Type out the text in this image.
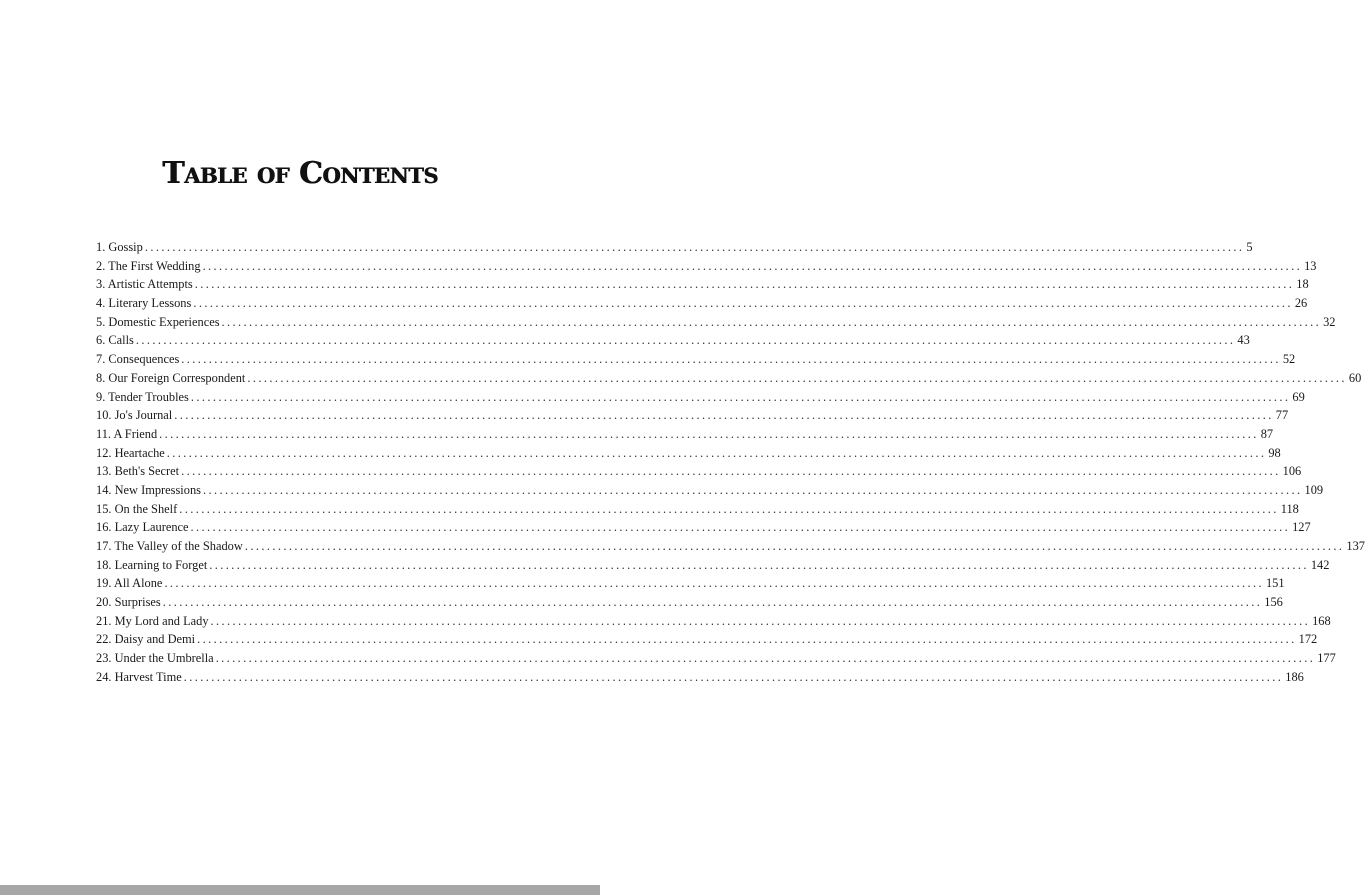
Table of Contents
1. Gossip ........................................................................................................................................................................................................ 5
2. The First Wedding ........................................................................................................................................................................................................ 13
3. Artistic Attempts ........................................................................................................................................................................................................ 18
4. Literary Lessons ........................................................................................................................................................................................................ 26
5. Domestic Experiences ........................................................................................................................................................................................................ 32
6. Calls ........................................................................................................................................................................................................ 43
7. Consequences ........................................................................................................................................................................................................ 52
8. Our Foreign Correspondent ........................................................................................................................................................................................................ 60
9. Tender Troubles ........................................................................................................................................................................................................ 69
10. Jo's Journal ........................................................................................................................................................................................................ 77
11. A Friend ........................................................................................................................................................................................................ 87
12. Heartache ........................................................................................................................................................................................................ 98
13. Beth's Secret ........................................................................................................................................................................................................ 106
14. New Impressions ........................................................................................................................................................................................................ 109
15. On the Shelf ........................................................................................................................................................................................................ 118
16. Lazy Laurence ........................................................................................................................................................................................................ 127
17. The Valley of the Shadow ........................................................................................................................................................................................................ 137
18. Learning to Forget ........................................................................................................................................................................................................ 142
19. All Alone ........................................................................................................................................................................................................ 151
20. Surprises ........................................................................................................................................................................................................ 156
21. My Lord and Lady ........................................................................................................................................................................................................ 168
22. Daisy and Demi ........................................................................................................................................................................................................ 172
23. Under the Umbrella ........................................................................................................................................................................................................ 177
24. Harvest Time ........................................................................................................................................................................................................ 186
